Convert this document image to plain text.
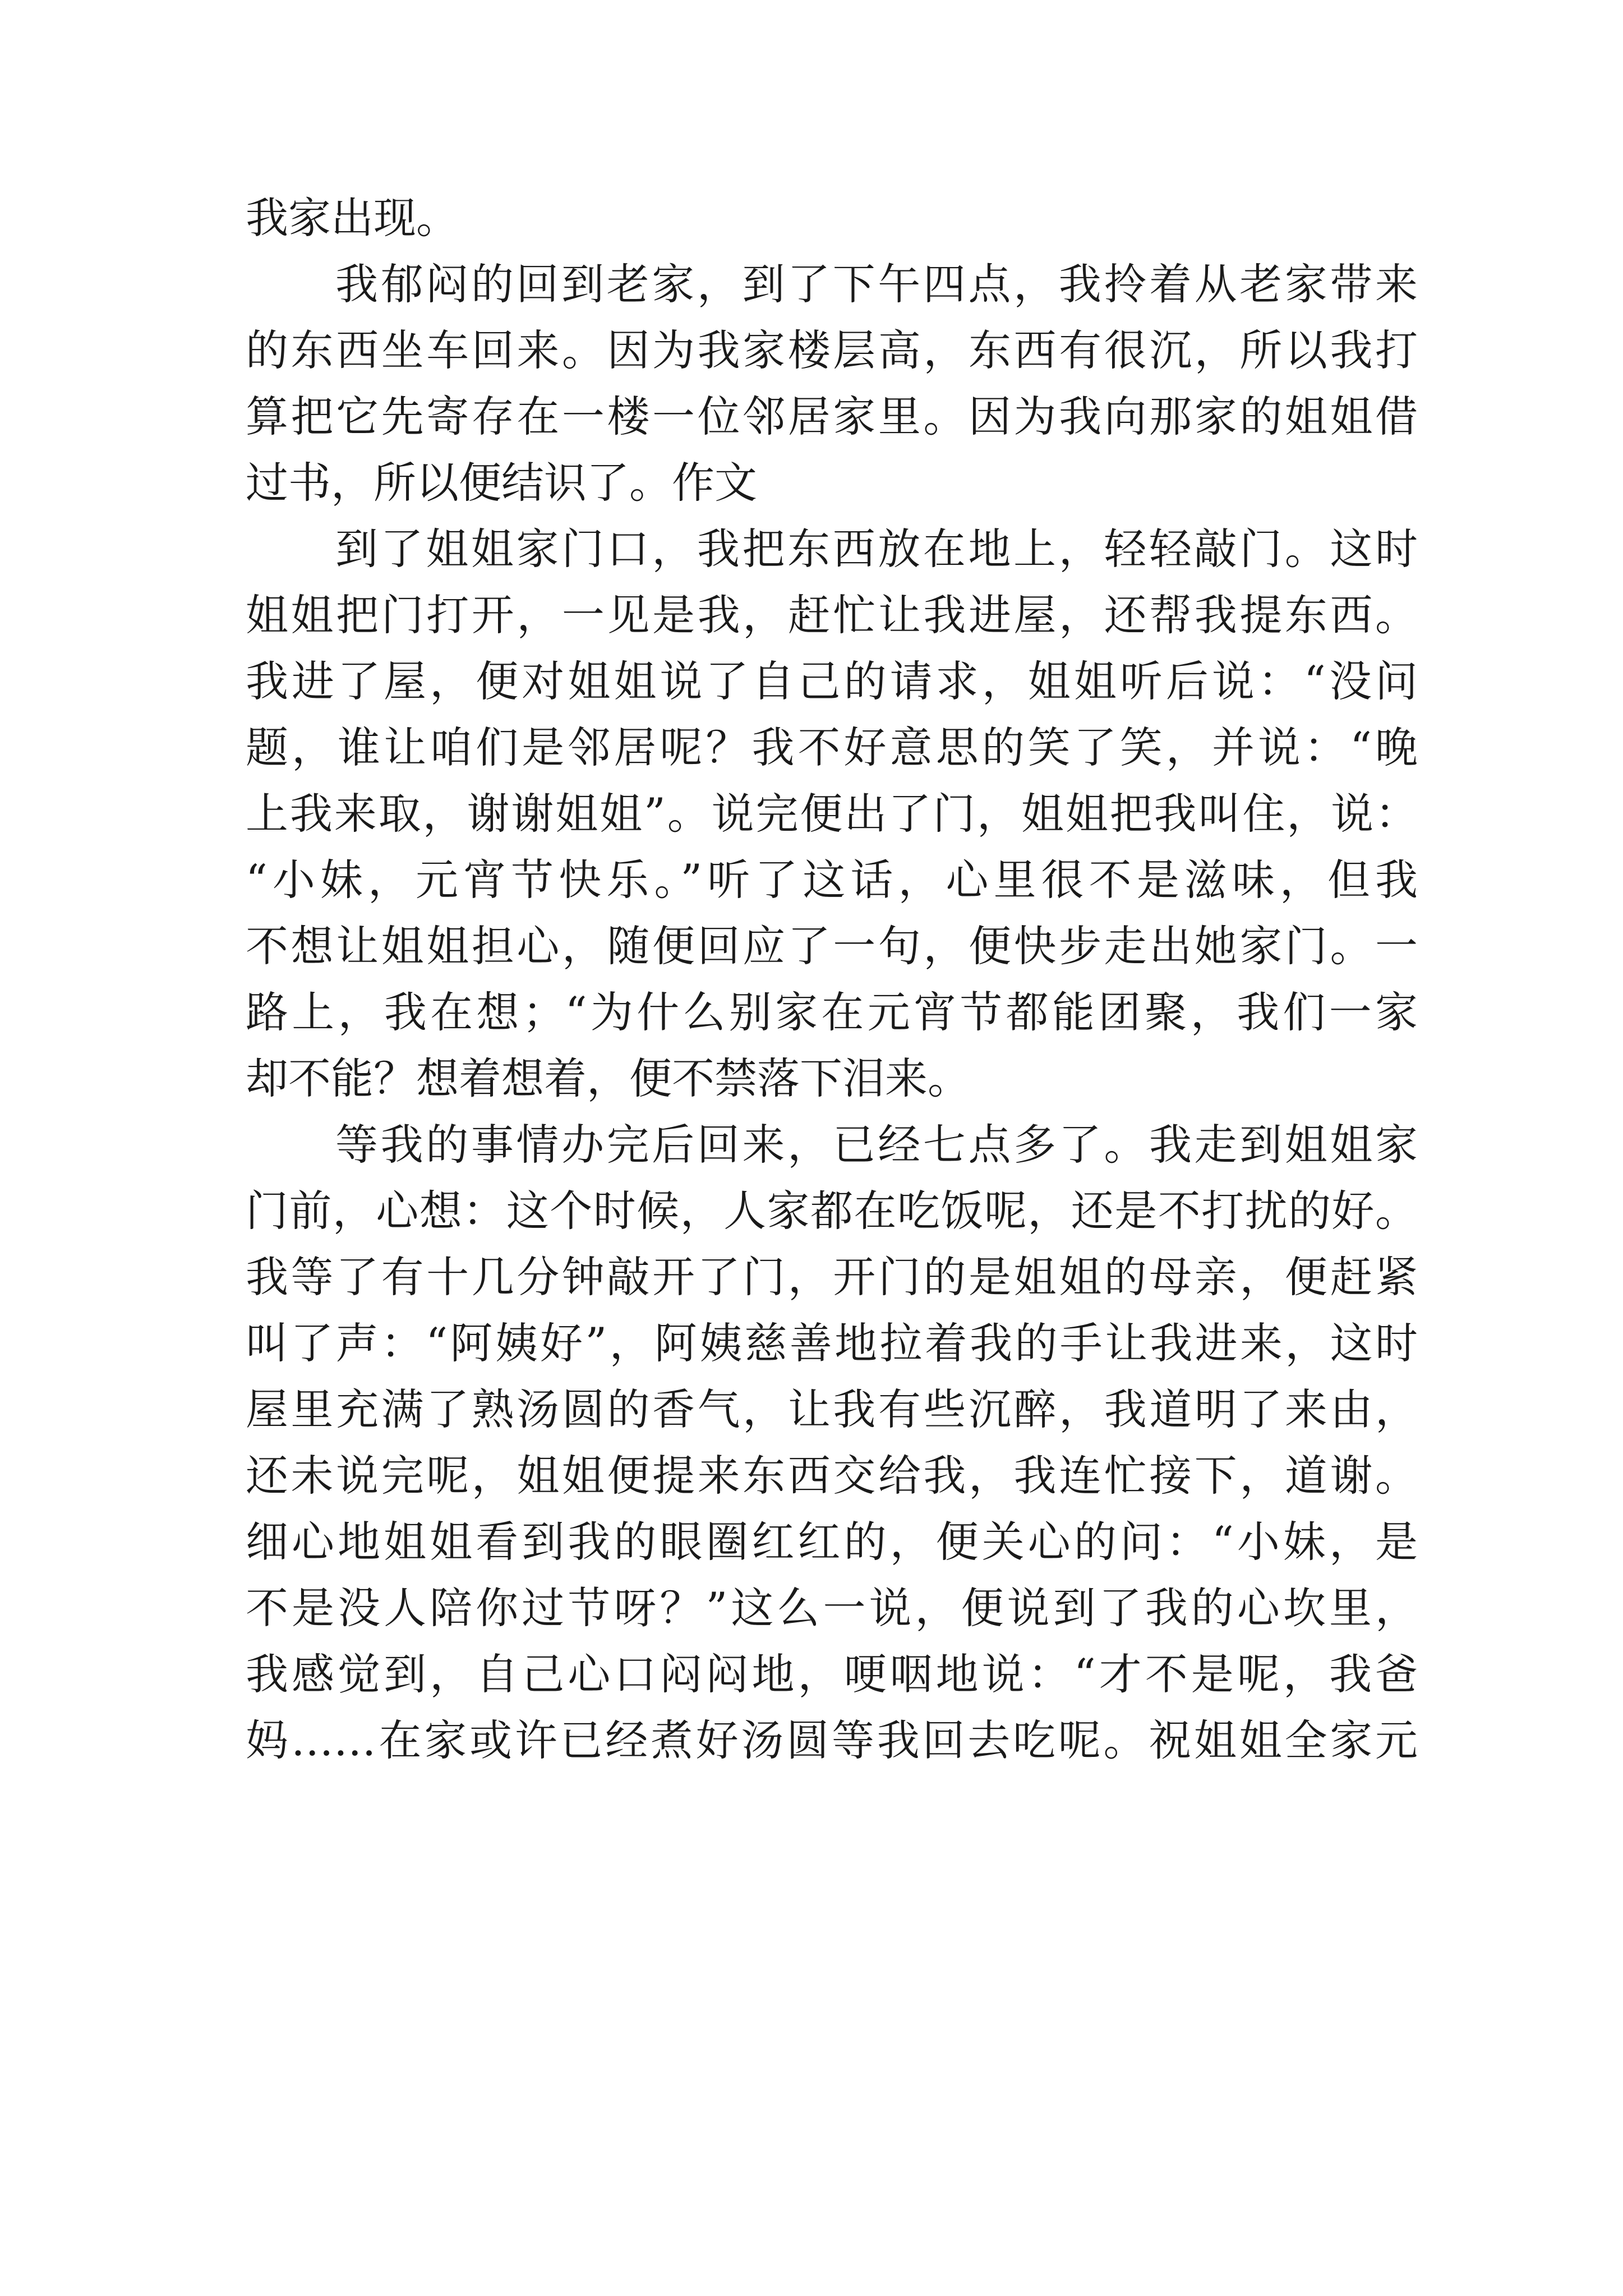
我家出现。
我郁闷的回到老家，到了下午四点，我拎着从老家带来
的东西坐车回来。因为我家楼层高，东西有很沉，所以我打
算把它先寄存在一楼一位邻居家里。因为我向那家的姐姐借
过书，所以便结识了。作文
到了姐姐家门口，我把东西放在地上，轻轻敲门。这时
姐姐把门打开，一见是我，赶忙让我进屋，还帮我提东西。
我进了屋，便对姐姐说了自己的请求，姐姐听后说：“没问
题，谁让咱们是邻居呢？我不好意思的笑了笑，并说：“晚
上我来取，谢谢姐姐”。说完便出了门，姐姐把我叫住，说：
“小妹，元宵节快乐。”听了这话，心里很不是滋味，但我
不想让姐姐担心，随便回应了一句，便快步走出她家门。一
路上，我在想；“为什么别家在元宵节都能团聚，我们一家
却不能？想着想着，便不禁落下泪来。
等我的事情办完后回来，已经七点多了。我走到姐姐家
门前，心想：这个时候，人家都在吃饭呢，还是不打扰的好。
我等了有十几分钟敲开了门，开门的是姐姐的母亲，便赶紧
叫了声：“阿姨好”，阿姨慈善地拉着我的手让我进来，这时
屋里充满了熟汤圆的香气，让我有些沉醉，我道明了来由，
还未说完呢，姐姐便提来东西交给我，我连忙接下，道谢。
细心地姐姐看到我的眼圈红红的，便关心的问：“小妹，是
不是没人陪你过节呀？”这么一说，便说到了我的心坎里，
我感觉到，自己心口闷闷地，哽咽地说：“才不是呢，我爸
妈……在家或许已经煮好汤圆等我回去吃呢。祝姐姐全家元
